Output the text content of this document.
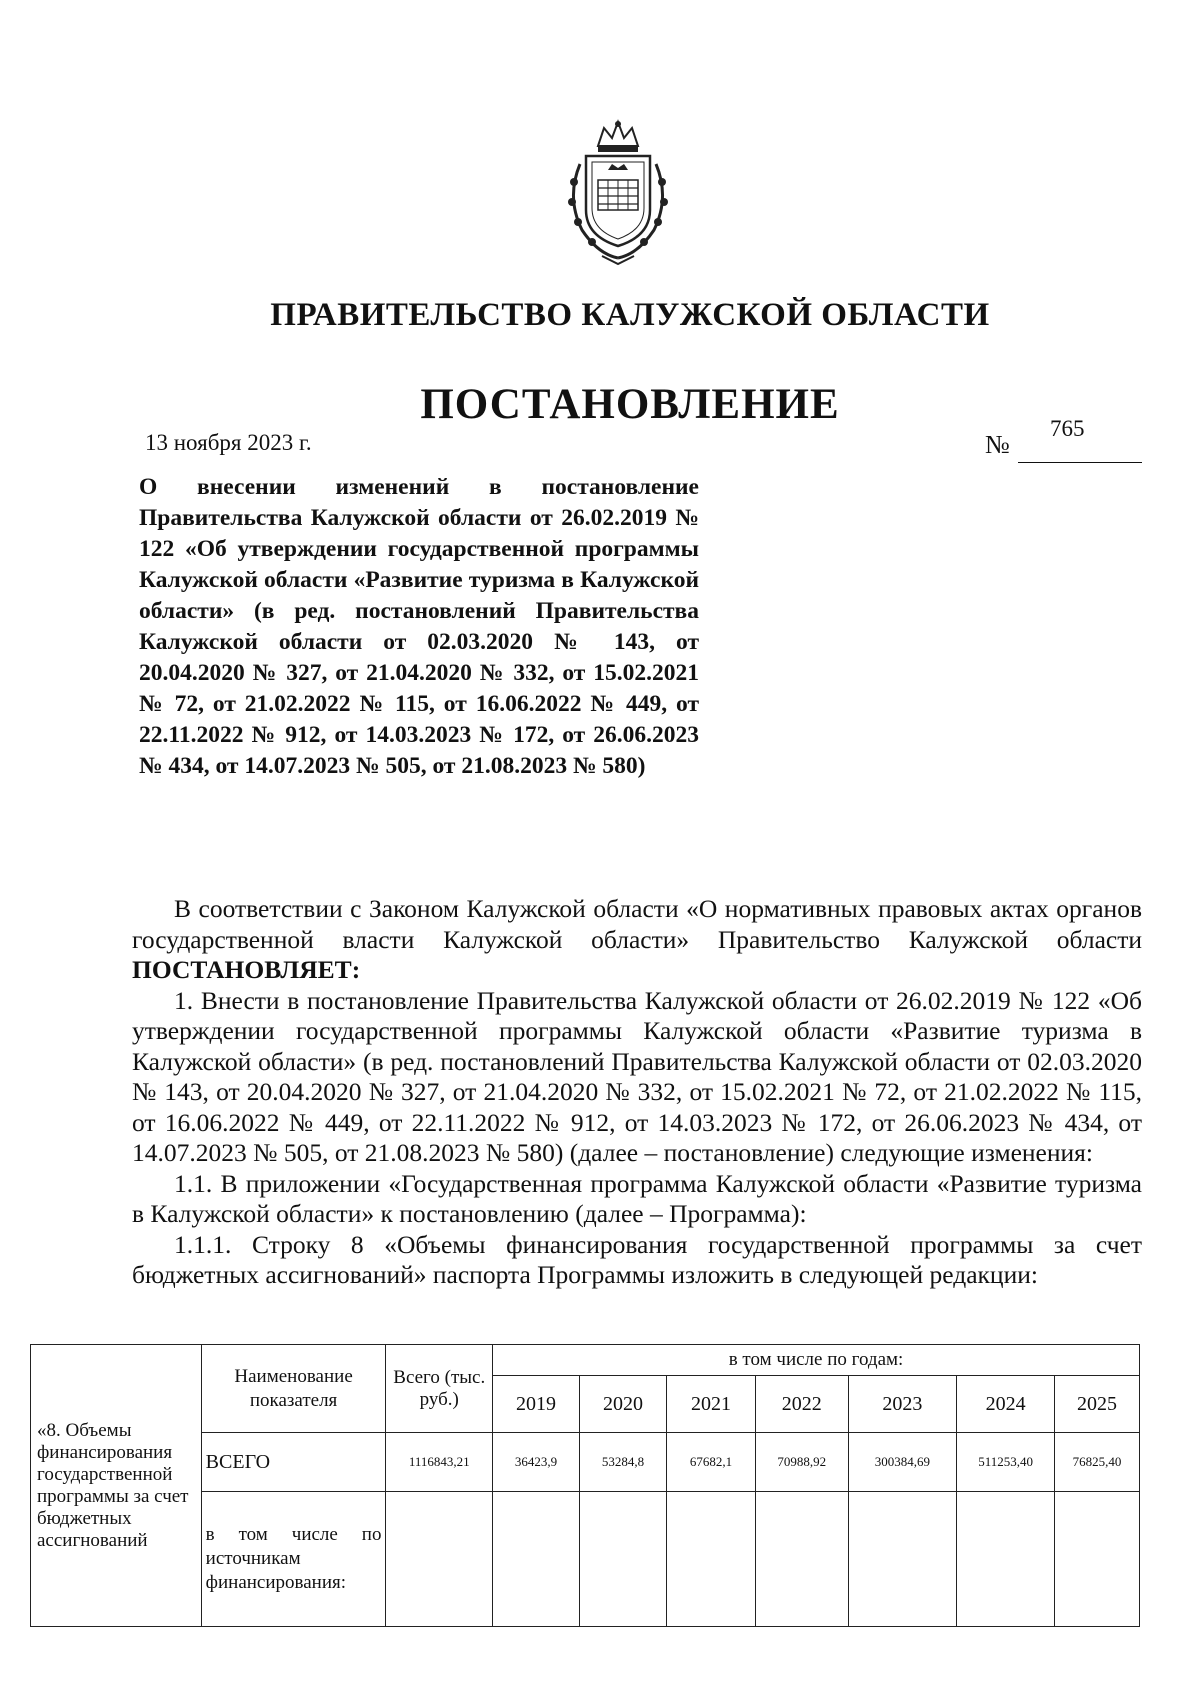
ПРАВИТЕЛЬСТВО КАЛУЖСКОЙ ОБЛАСТИ
ПОСТАНОВЛЕНИЕ
13 ноября 2023 г.	№
765
О внесении изменений в постановление Правительства Калужской области от 26.02.2019 № 122 «Об утверждении государственной программы Калужской области «Развитие туризма в Калужской области» (в ред. постановлений Правительства Калужской области от 02.03.2020 № 143, от 20.04.2020 № 327, от 21.04.2020 № 332, от 15.02.2021 № 72, от 21.02.2022 № 115, от 16.06.2022 № 449, от 22.11.2022 № 912, от 14.03.2023 № 172, от 26.06.2023 № 434, от 14.07.2023 № 505, от 21.08.2023 № 580)

В соответствии с Законом Калужской области «О нормативных правовых актах органов государственной власти Калужской области» Правительство Калужской области ПОСТАНОВЛЯЕТ:

1. Внести в постановление Правительства Калужской области от 26.02.2019 № 122 «Об утверждении государственной программы Калужской области «Развитие туризма в Калужской области» (в ред. постановлений Правительства Калужской области от 02.03.2020 № 143, от 20.04.2020 № 327, от 21.04.2020 № 332, от 15.02.2021 № 72, от 21.02.2022 № 115, от 16.06.2022 № 449, от 22.11.2022 № 912, от 14.03.2023 № 172, от 26.06.2023 № 434, от 14.07.2023 № 505, от 21.08.2023 № 580) (далее – постановление) следующие изменения:

1.1. В приложении «Государственная программа Калужской области «Развитие туризма в Калужской области» к постановлению (далее – Программа):

1.1.1. Строку 8 «Объемы финансирования государственной программы за счет бюджетных ассигнований» паспорта Программы изложить в следующей редакции:

«8. Объемы финансирования государственной программы за счет бюджетных ассигнований	Наименование показателя	Всего (тыс. руб.)	в том числе по годам:						
			2019	2020	2021	2022	2023	2024	2025
	ВСЕГО	1116843,21	36423,9	53284,8	67682,1	70988,92	300384,69	511253,40	76825,40
	в том числе по источникам финансирования:								
